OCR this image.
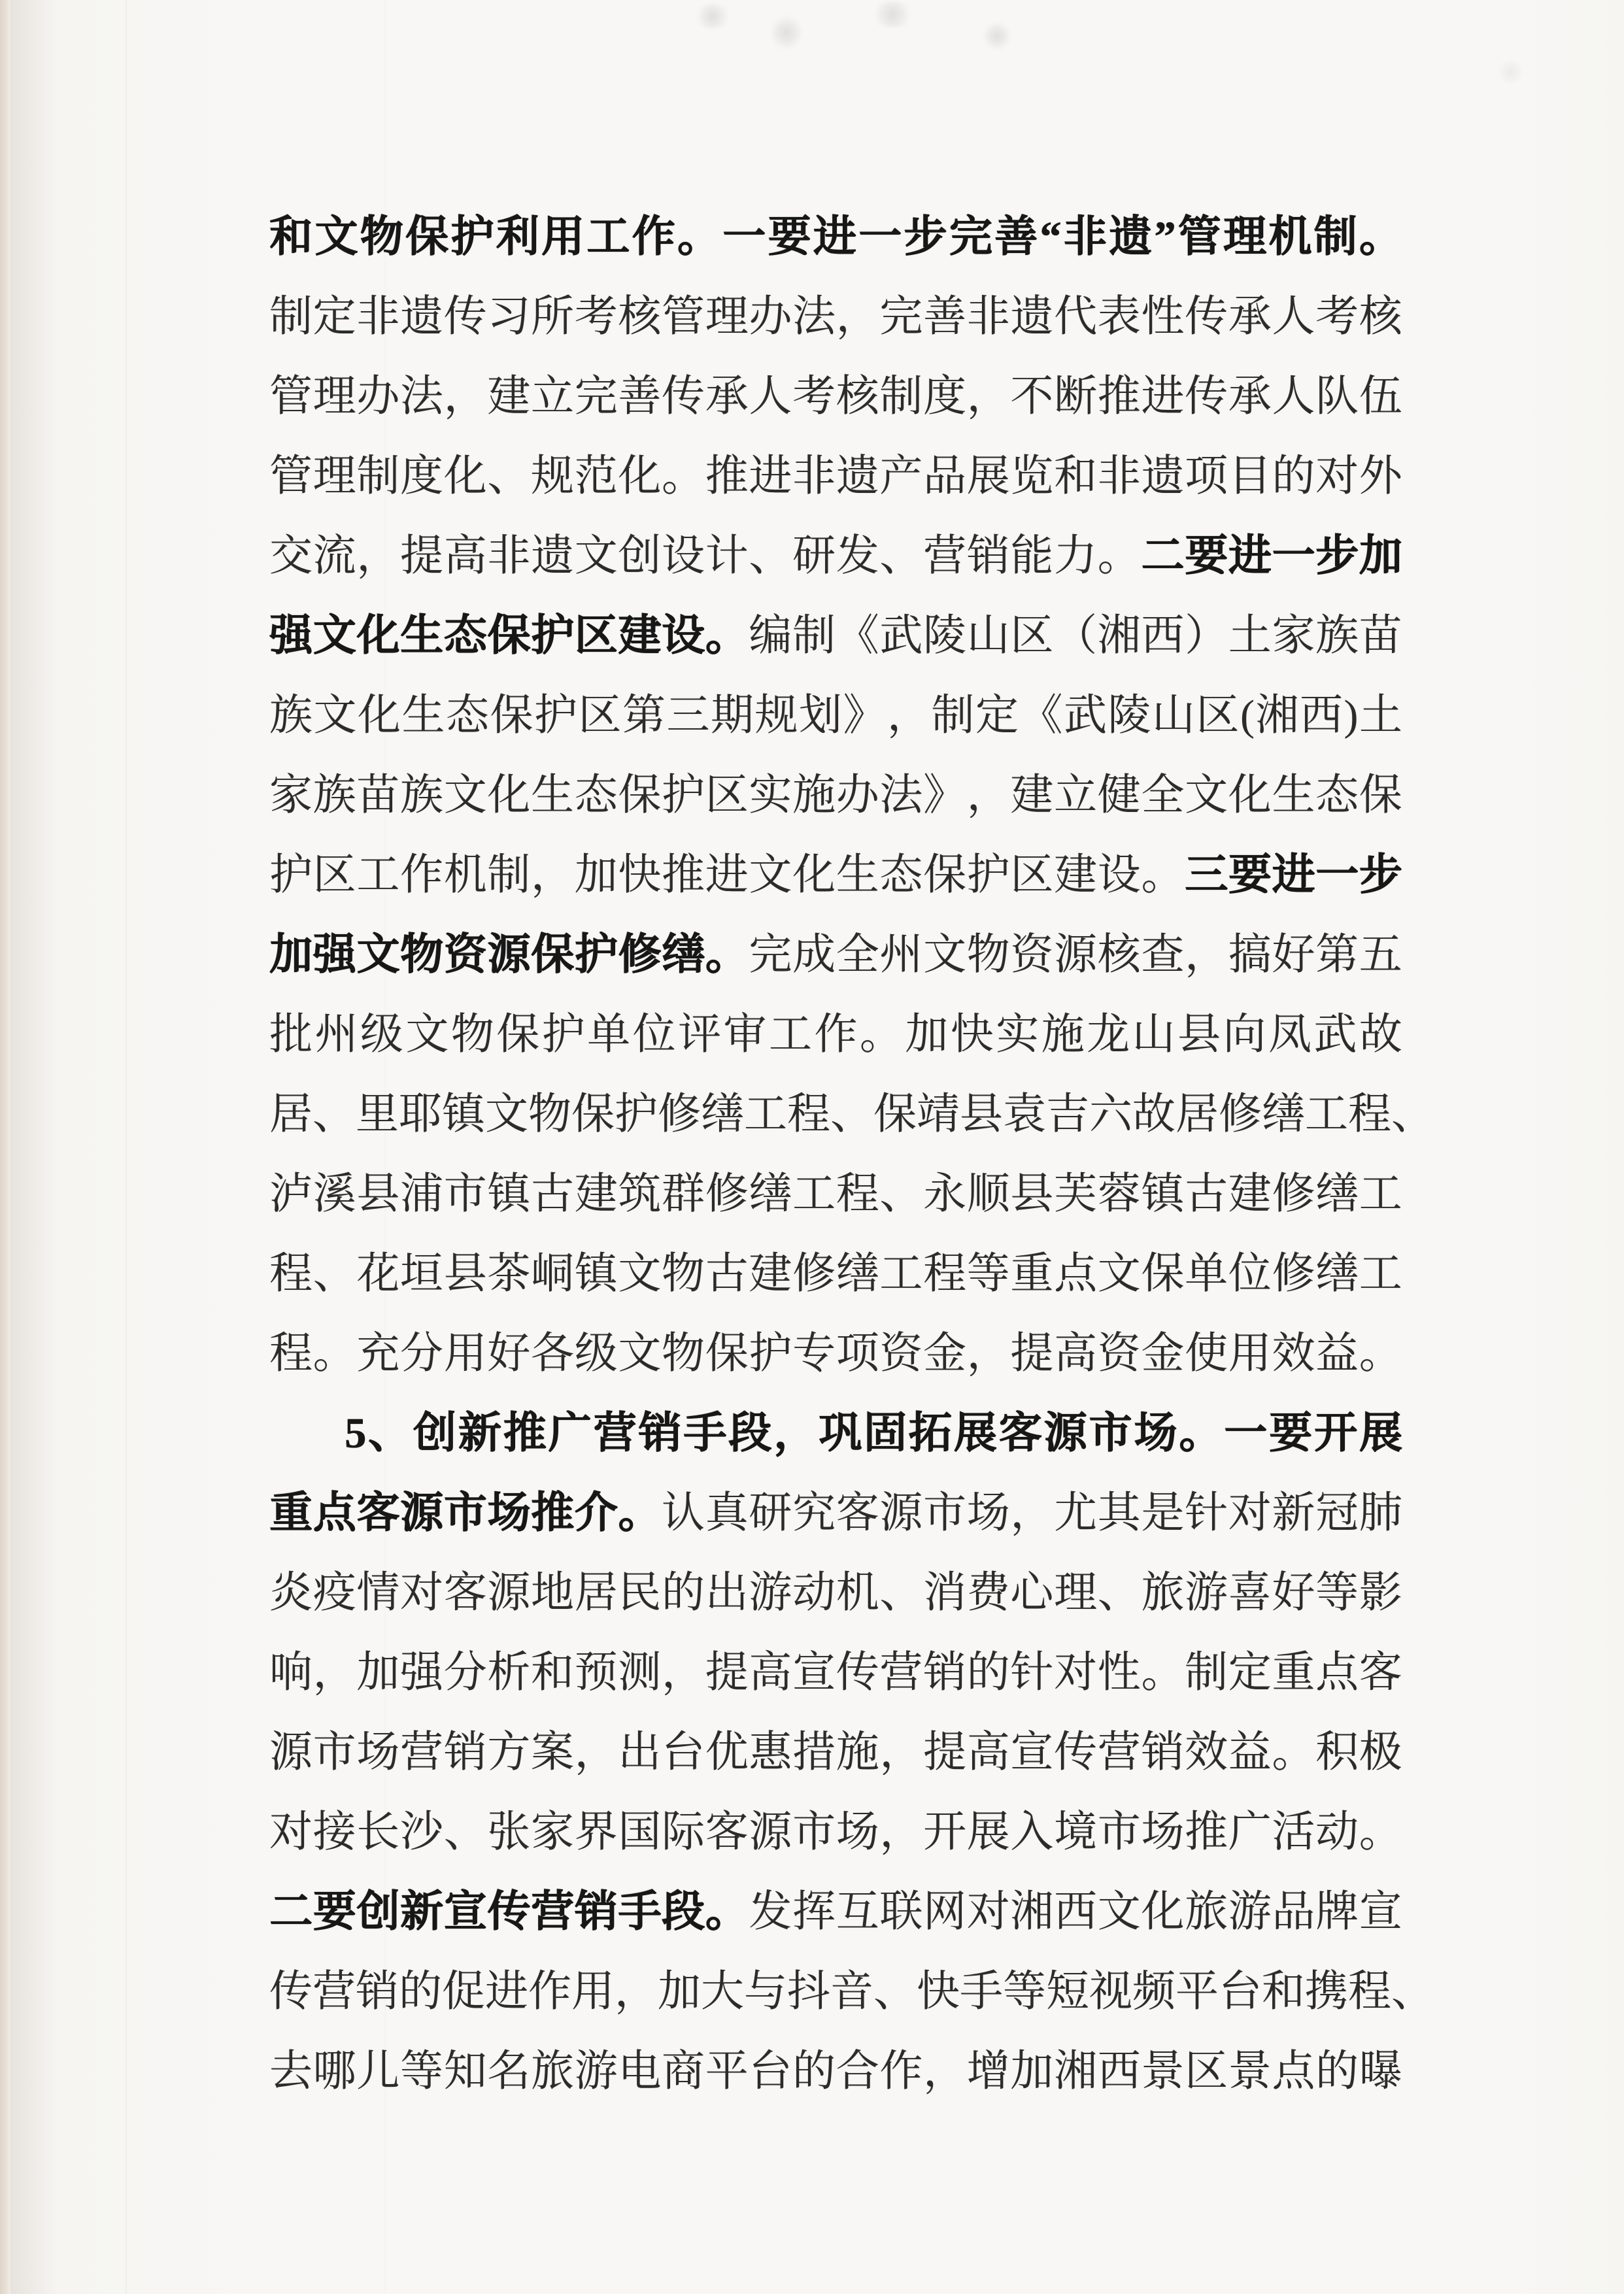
和 文 物 保 护 利 用 工 作 。 一 要 进 一 步 完 善 “ 非 遗 ” 管 理 机 制 。
制 定 非 遗 传 习 所 考 核 管 理 办 法 ， 完 善 非 遗 代 表 性 传 承 人 考 核
管 理 办 法 ， 建 立 完 善 传 承 人 考 核 制 度 ， 不 断 推 进 传 承 人 队 伍
管 理 制 度 化 、 规 范 化 。 推 进 非 遗 产 品 展 览 和 非 遗 项 目 的 对 外
交 流 ， 提 高 非 遗 文 创 设 计 、 研 发 、 营 销 能 力 。 二 要 进 一 步 加
强 文 化 生 态 保 护 区 建 设 。 编 制 《 武 陵 山 区 （ 湘 西 ） 土 家 族 苗
族 文 化 生 态 保 护 区 第 三 期 规 划 》 ， 制 定 《 武 陵 山 区 ( 湘 西 ) 土
家 族 苗 族 文 化 生 态 保 护 区 实 施 办 法 》 ， 建 立 健 全 文 化 生 态 保
护 区 工 作 机 制 ， 加 快 推 进 文 化 生 态 保 护 区 建 设 。 三 要 进 一 步
加 强 文 物 资 源 保 护 修 缮 。 完 成 全 州 文 物 资 源 核 查 ， 搞 好 第 五
批 州 级 文 物 保 护 单 位 评 审 工 作 。 加 快 实 施 龙 山 县 向 凤 武 故
居 、 里 耶 镇 文 物 保 护 修 缮 工 程 、 保 靖 县 袁 吉 六 故 居 修 缮 工 程 、
泸 溪 县 浦 市 镇 古 建 筑 群 修 缮 工 程 、 永 顺 县 芙 蓉 镇 古 建 修 缮 工
程 、 花 垣 县 茶 峒 镇 文 物 古 建 修 缮 工 程 等 重 点 文 保 单 位 修 缮 工
程 。 充 分 用 好 各 级 文 物 保 护 专 项 资 金 ， 提 高 资 金 使 用 效 益 。
5 、 创 新 推 广 营 销 手 段 ， 巩 固 拓 展 客 源 市 场 。 一 要 开 展
重 点 客 源 市 场 推 介 。 认 真 研 究 客 源 市 场 ， 尤 其 是 针 对 新 冠 肺
炎 疫 情 对 客 源 地 居 民 的 出 游 动 机 、 消 费 心 理 、 旅 游 喜 好 等 影
响 ， 加 强 分 析 和 预 测 ， 提 高 宣 传 营 销 的 针 对 性 。 制 定 重 点 客
源 市 场 营 销 方 案 ， 出 台 优 惠 措 施 ， 提 高 宣 传 营 销 效 益 。 积 极
对 接 长 沙 、 张 家 界 国 际 客 源 市 场 ， 开 展 入 境 市 场 推 广 活 动 。
二 要 创 新 宣 传 营 销 手 段 。 发 挥 互 联 网 对 湘 西 文 化 旅 游 品 牌 宣
传 营 销 的 促 进 作 用 ， 加 大 与 抖 音 、 快 手 等 短 视 频 平 台 和 携 程 、
去 哪 儿 等 知 名 旅 游 电 商 平 台 的 合 作 ， 增 加 湘 西 景 区 景 点 的 曝
